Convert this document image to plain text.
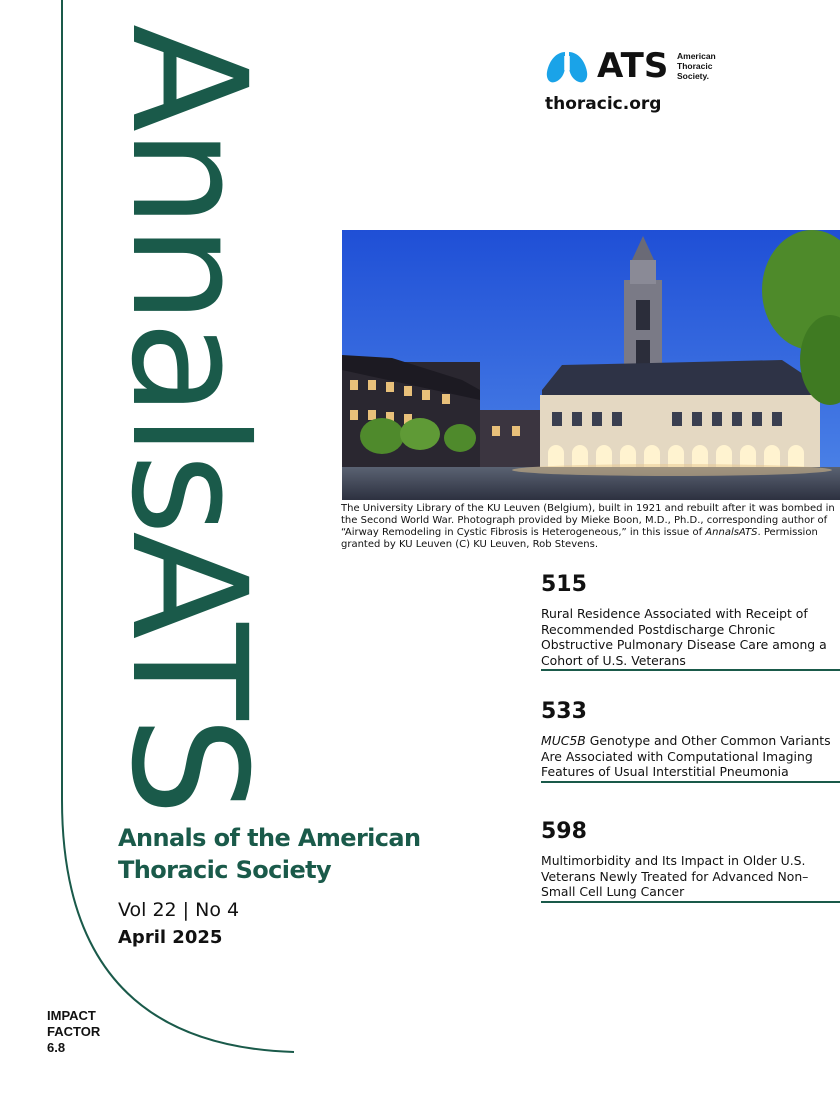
AnnalsATS	ATS American
Thoracic
Society.
thoracic.org
The University Library of the KU Leuven (Belgium), built in 1921 and rebuilt after it was bombed in the Second World War. Photograph provided by Mieke Boon, M.D., Ph.D., corresponding author of “Airway Remodeling in Cystic Fibrosis is Heterogeneous,” in this issue of AnnalsATS. Permission granted by KU Leuven (C) KU Leuven, Rob Stevens.
515
Rural Residence Associated with Receipt of Recommended Postdischarge Chronic Obstructive Pulmonary Disease Care among a Cohort of U.S. Veterans
533
MUC5B Genotype and Other Common Variants Are Associated with Computational Imaging Features of Usual Interstitial Pneumonia
598
Multimorbidity and Its Impact in Older U.S. Veterans Newly Treated for Advanced Non–Small Cell Lung Cancer
Annals of the American
Thoracic Society
Vol 22 | No 4
April 2025
IMPACT
FACTOR
6.8
